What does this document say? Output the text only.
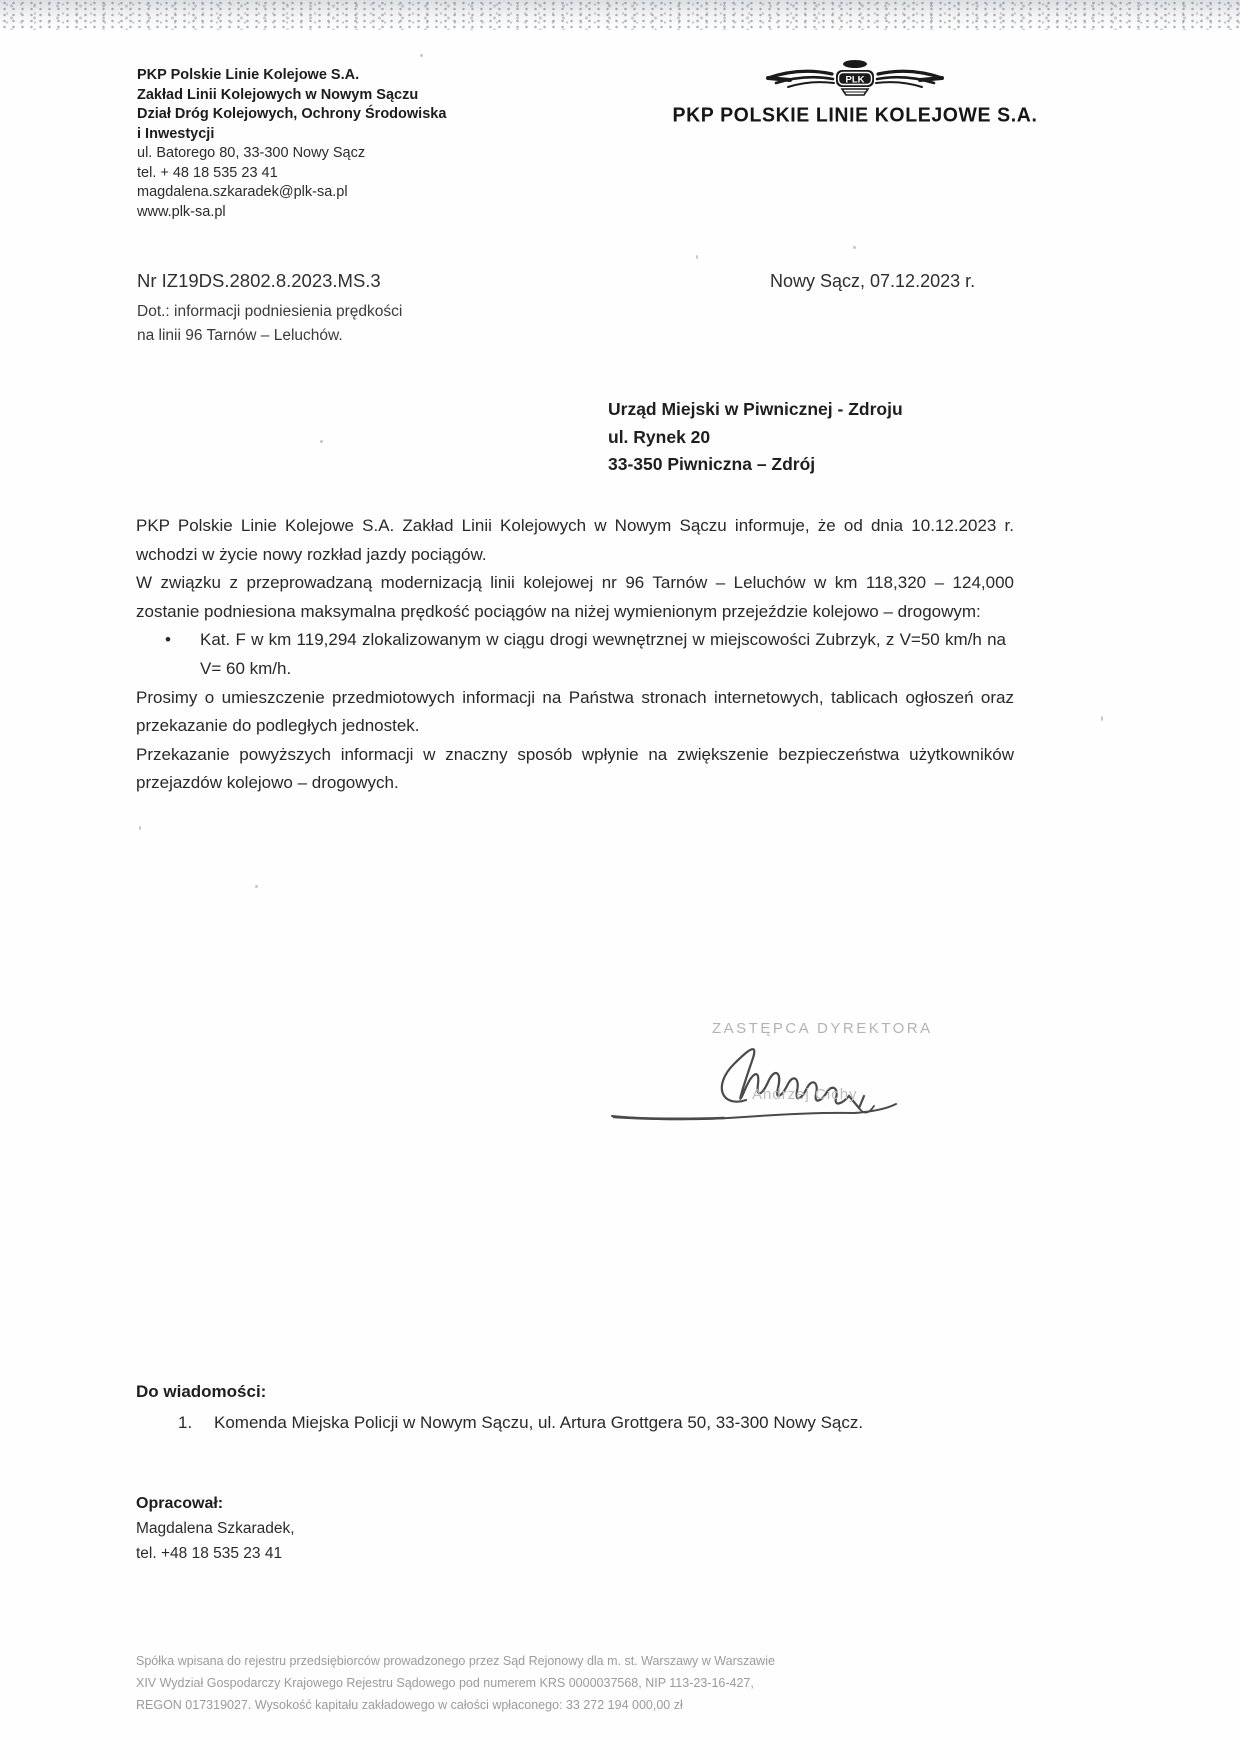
PKP Polskie Linie Kolejowe S.A.
Zakład Linii Kolejowych w Nowym Sączu
Dział Dróg Kolejowych, Ochrony Środowiska
i Inwestycji
ul. Batorego 80, 33-300 Nowy Sącz
tel. + 48 18 535 23 41
magdalena.szkaradek@plk-sa.pl
www.plk-sa.pl
PLK
PKP POLSKIE LINIE KOLEJOWE S.A.
Nr IZ19DS.2802.8.2023.MS.3
Dot.: informacji podniesienia prędkości
na linii 96 Tarnów – Leluchów.
Nowy Sącz, 07.12.2023 r.
Urząd Miejski w Piwnicznej - Zdroju
ul. Rynek 20
33-350 Piwniczna – Zdrój

PKP Polskie Linie Kolejowe S.A. Zakład Linii Kolejowych w Nowym Sączu informuje, że od dnia 10.12.2023 r. wchodzi w życie nowy rozkład jazdy pociągów.

W związku z przeprowadzaną modernizacją linii kolejowej nr 96 Tarnów – Leluchów w km 118,320 – 124,000 zostanie podniesiona maksymalna prędkość pociągów na niżej wymienionym przejeździe kolejowo – drogowym:

•	Kat. F w km 119,294 zlokalizowanym w ciągu drogi wewnętrznej w miejscowości Zubrzyk, z V=50 km/h na V= 60 km/h.

Prosimy o umieszczenie przedmiotowych informacji na Państwa stronach internetowych, tablicach ogłoszeń oraz przekazanie do podległych jednostek.

Przekazanie powyższych informacji w znaczny sposób wpłynie na zwiększenie bezpieczeństwa użytkowników przejazdów kolejowo – drogowych.

ZASTĘPCA DYREKTORA
Andrzej Cichy
Do wiadomości:
1. Komenda Miejska Policji w Nowym Sączu, ul. Artura Grottgera 50, 33-300 Nowy Sącz.
Opracował:
Magdalena Szkaradek,
tel. +48 18 535 23 41
Spółka wpisana do rejestru przedsiębiorców prowadzonego przez Sąd Rejonowy dla m. st. Warszawy w Warszawie
XIV Wydział Gospodarczy Krajowego Rejestru Sądowego pod numerem KRS 0000037568, NIP 113-23-16-427,
REGON 017319027. Wysokość kapitału zakładowego w całości wpłaconego: 33 272 194 000,00 zł
